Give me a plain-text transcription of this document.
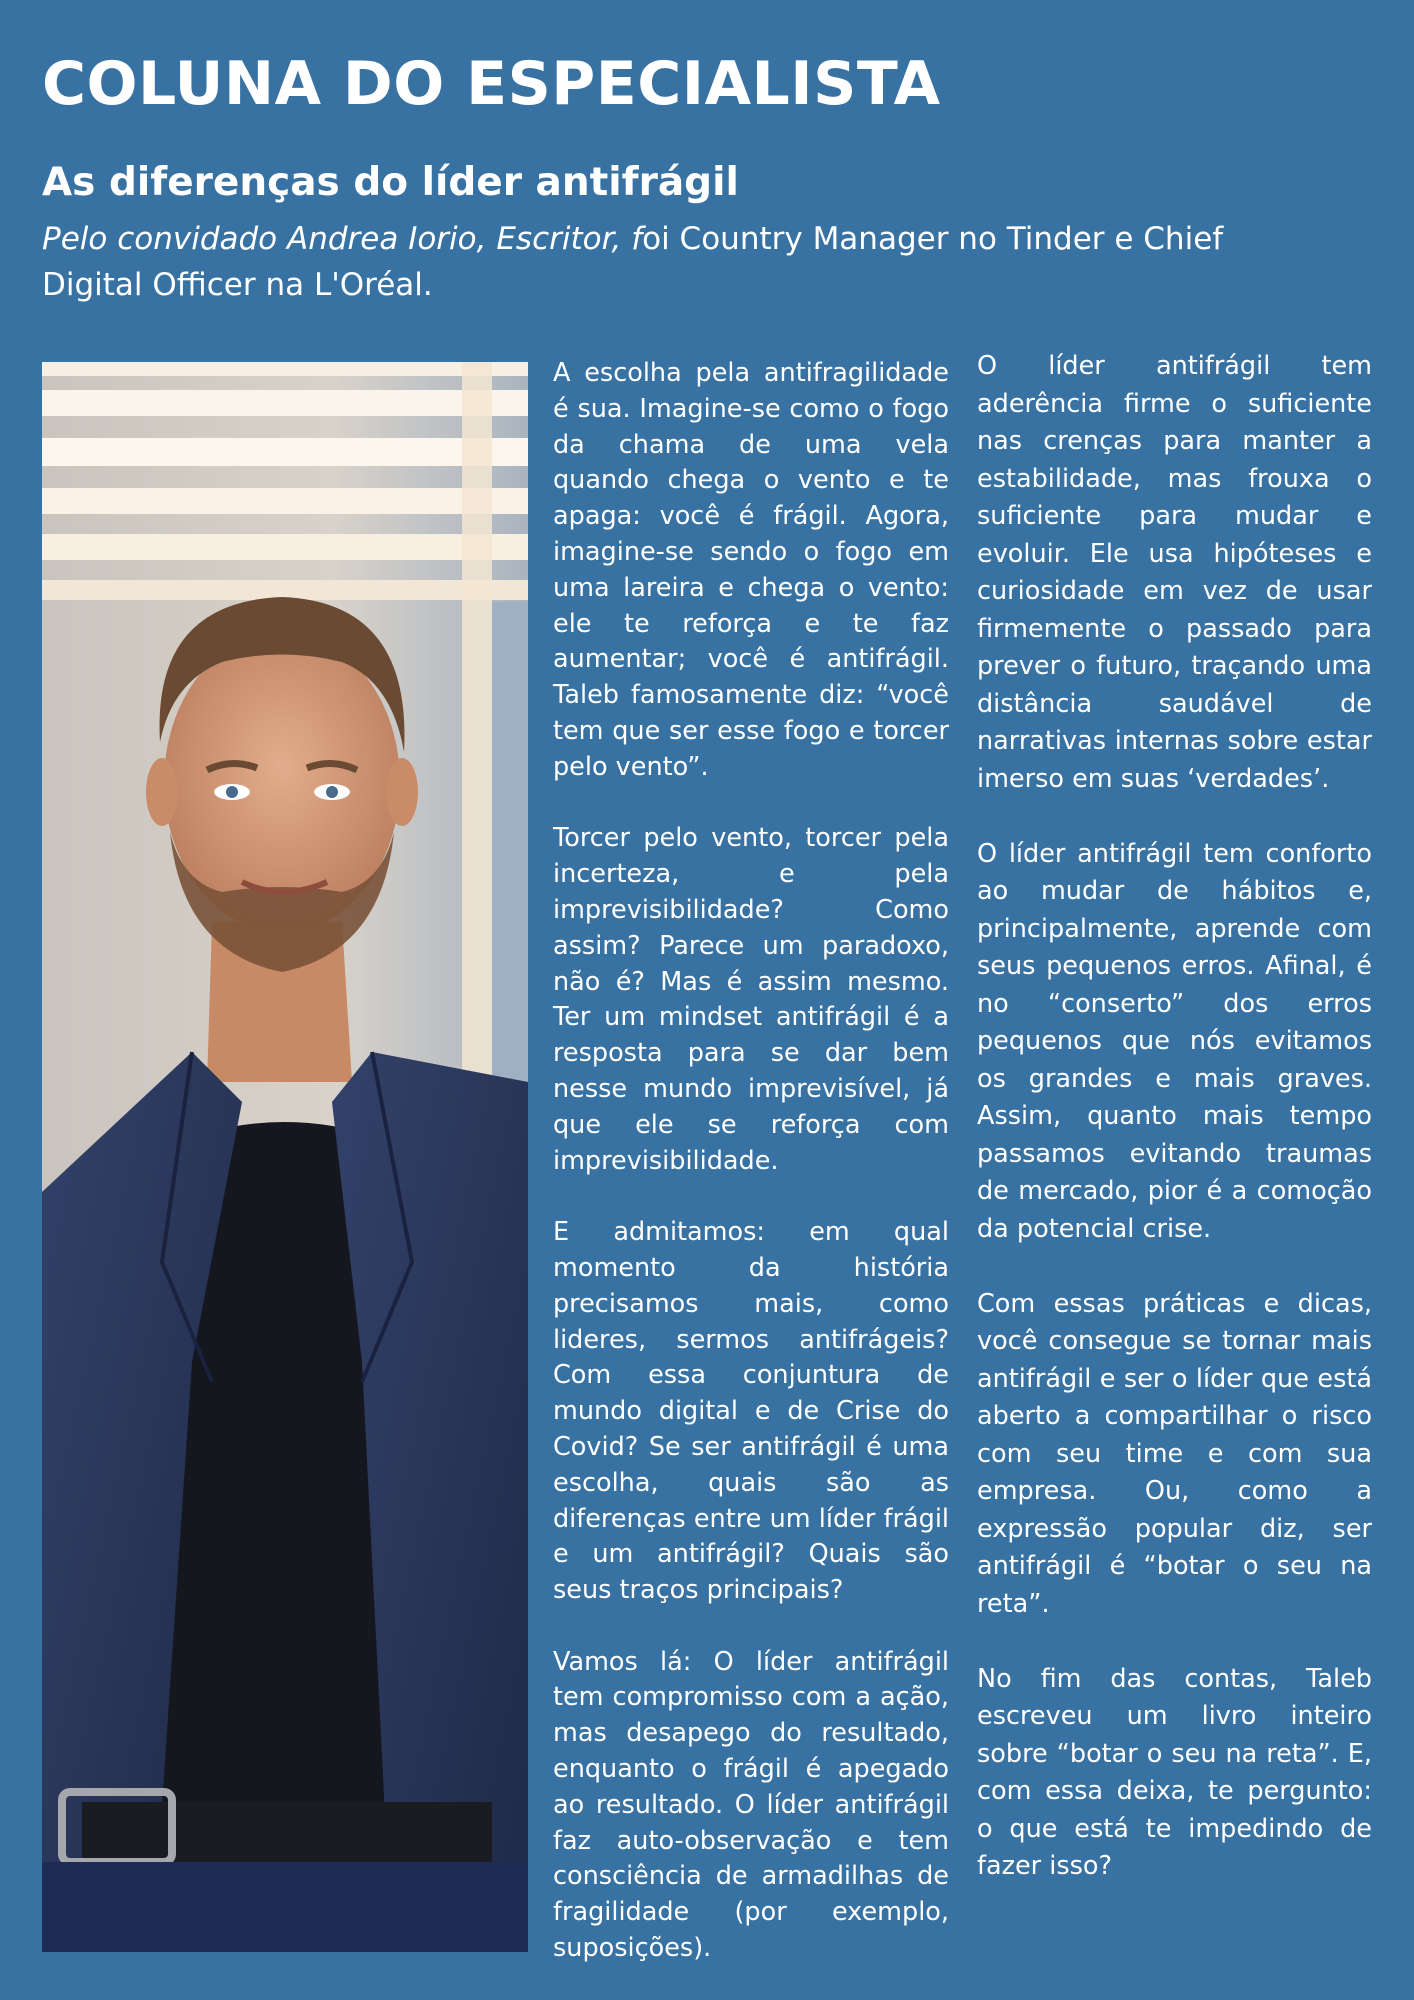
COLUNA DO ESPECIALISTA
As diferenças do líder antifrágil

Pelo convidado Andrea Iorio, Escritor, foi Country Manager no Tinder e Chief Digital Officer na L'Oréal.

A escolha pela antifragilidade é sua. Imagine-se como o fogo da chama de uma vela quando chega o vento e te apaga: você é frágil. Agora, imagine-se sendo o fogo em uma lareira e chega o vento: ele te reforça e te faz aumentar; você é antifrágil. Taleb famosamente diz: “você tem que ser esse fogo e torcer pelo vento”.

Torcer pelo vento, torcer pela incerteza, e pela imprevisibilidade? Como assim? Parece um paradoxo, não é? Mas é assim mesmo. Ter um mindset antifrágil é a resposta para se dar bem nesse mundo imprevisível, já que ele se reforça com imprevisibilidade.

E admitamos: em qual momento da história precisamos mais, como lideres, sermos antifrágeis? Com essa conjuntura de mundo digital e de Crise do Covid? Se ser antifrágil é uma escolha, quais são as diferenças entre um líder frágil e um antifrágil? Quais são seus traços principais?

Vamos lá: O líder antifrágil tem compromisso com a ação, mas desapego do resultado, enquanto o frágil é apegado ao resultado. O líder antifrágil faz auto-observação e tem consciência de armadilhas de fragilidade (por exemplo, suposições).

O líder antifrágil tem aderência firme o suficiente nas crenças para manter a estabilidade, mas frouxa o suficiente para mudar e evoluir. Ele usa hipóteses e curiosidade em vez de usar firmemente o passado para prever o futuro, traçando uma distância saudável de narrativas internas sobre estar imerso em suas ‘verdades’.

O líder antifrágil tem conforto ao mudar de hábitos e, principalmente, aprende com seus pequenos erros. Afinal, é no “conserto” dos erros pequenos que nós evitamos os grandes e mais graves. Assim, quanto mais tempo passamos evitando traumas de mercado, pior é a comoção da potencial crise.

Com essas práticas e dicas, você consegue se tornar mais antifrágil e ser o líder que está aberto a compartilhar o risco com seu time e com sua empresa. Ou, como a expressão popular diz, ser antifrágil é “botar o seu na reta”.

No fim das contas, Taleb escreveu um livro inteiro sobre “botar o seu na reta”. E, com essa deixa, te pergunto: o que está te impedindo de fazer isso?
